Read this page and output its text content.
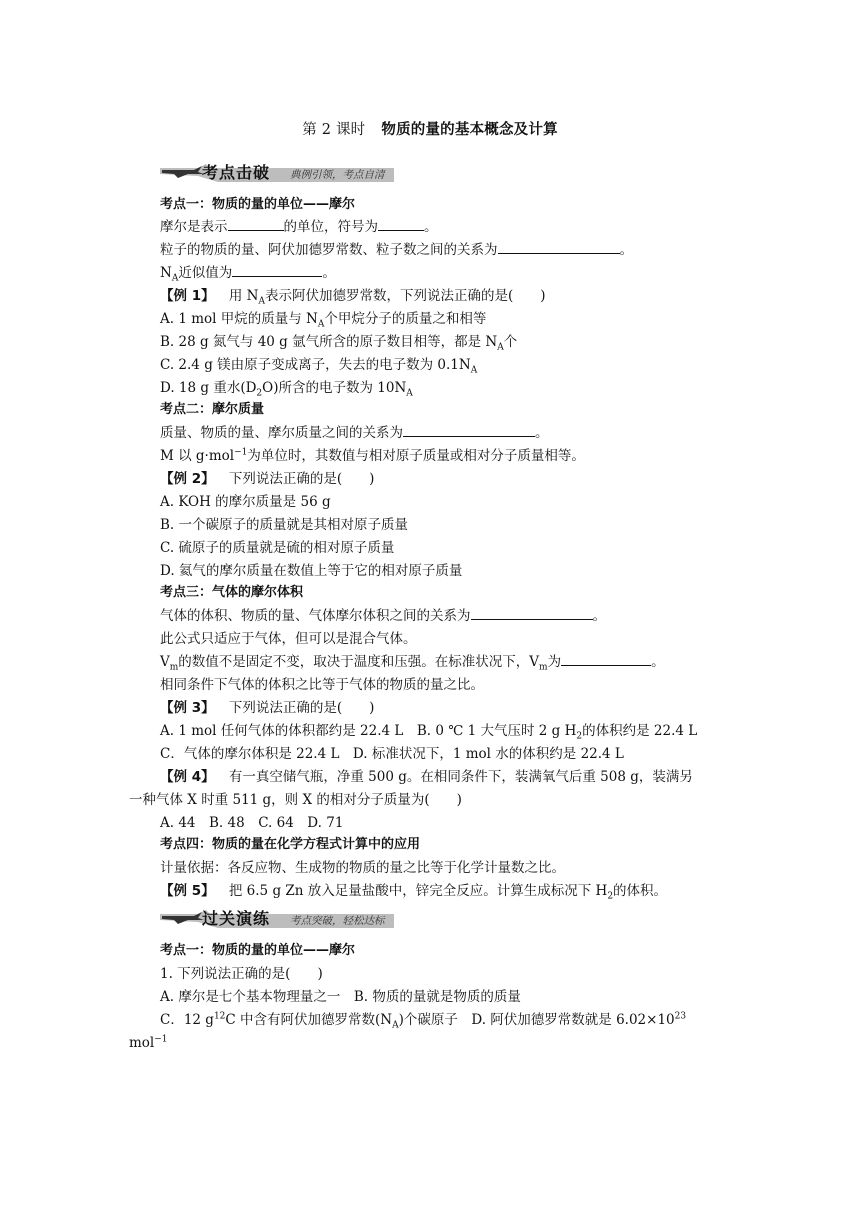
第 2 课时 物质的量的基本概念及计算
考点击破 典例引领，考点自清
考点一：物质的量的单位——摩尔
摩尔是表示	的单位，符号为	。
粒子的物质的量、阿伏加德罗常数、粒子数之间的关系为	。
$N_A$近似值为	。
【例 1】 用 $N_A$表示阿伏加德罗常数，下列说法正确的是(　　)
A. 1 mol 甲烷的质量与 $N_A$个甲烷分子的质量之和相等
B. 28 g 氮气与 40 g 氩气所含的原子数目相等，都是 $N_A$个
C. 2.4 g 镁由原子变成离子，失去的电子数为 $0.1N_A$
D. 18 g 重水$(D_2O)$所含的电子数为 $10N_A$
考点二：摩尔质量
质量、物质的量、摩尔质量之间的关系为	。
M 以 g·mol$^{-1}$为单位时，其数值与相对原子质量或相对分子质量相等。
【例 2】 下列说法正确的是(　　)
A. KOH 的摩尔质量是 56 g
B. 一个碳原子的质量就是其相对原子质量
C. 硫原子的质量就是硫的相对原子质量
D. 氦气的摩尔质量在数值上等于它的相对原子质量
考点三：气体的摩尔体积
气体的体积、物质的量、气体摩尔体积之间的关系为	。
此公式只适应于气体，但可以是混合气体。
$V_m$的数值不是固定不变，取决于温度和压强。在标准状况下，$V_m$为	。
相同条件下气体的体积之比等于气体的物质的量之比。
【例 3】 下列说法正确的是(　　)
A. 1 mol 任何气体的体积都约是 22.4 L　B. 0 ℃ 1 大气压时 2 g $H_2$的体积约是 22.4 L
C．气体的摩尔体积是 22.4 L　D. 标准状况下，1 mol 水的体积约是 22.4 L
【例 4】 有一真空储气瓶，净重 500 g。在相同条件下，装满氧气后重 508 g，装满另
一种气体 X 时重 511 g，则 X 的相对分子质量为(　　)
A. 44　B. 48　C. 64　D. 71
考点四：物质的量在化学方程式计算中的应用
计量依据：各反应物、生成物的物质的量之比等于化学计量数之比。
【例 5】 把 6.5 g Zn 放入足量盐酸中，锌完全反应。计算生成标况下 $H_2$的体积。
过关演练 考点突破，轻松达标
考点一：物质的量的单位——摩尔
1. 下列说法正确的是(　　)
A. 摩尔是七个基本物理量之一　B. 物质的量就是物质的质量
C．12 $g^{12}C$ 中含有阿伏加德罗常数$(N_A)$个碳原子　D. 阿伏加德罗常数就是 $6.02\times 10^{23}$
mol$^{-1}$
